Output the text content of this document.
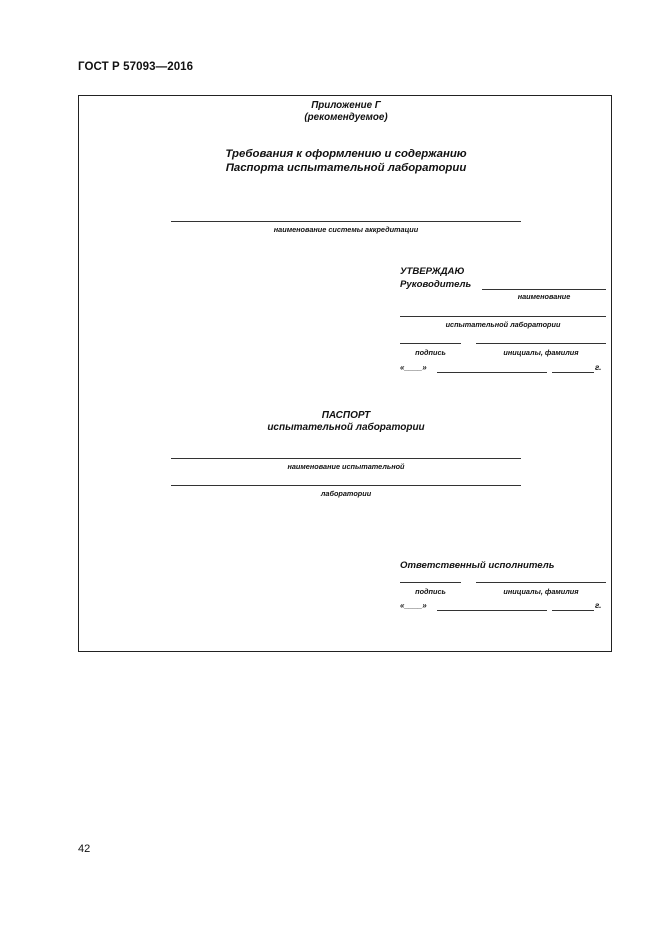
ГОСТ Р 57093—2016
Приложение Г
(рекомендуемое)
Требования к оформлению и содержанию
Паспорта испытательной лаборатории
наименование системы аккредитации
УТВЕРЖДАЮ
Руководитель
наименование
испытательной лаборатории
подпись	инициалы, фамилия
«____»	г.
ПАСПОРТ
испытательной лаборатории
наименование испытательной
лаборатории
Ответственный исполнитель
подпись	инициалы, фамилия
«____»	г.
42
